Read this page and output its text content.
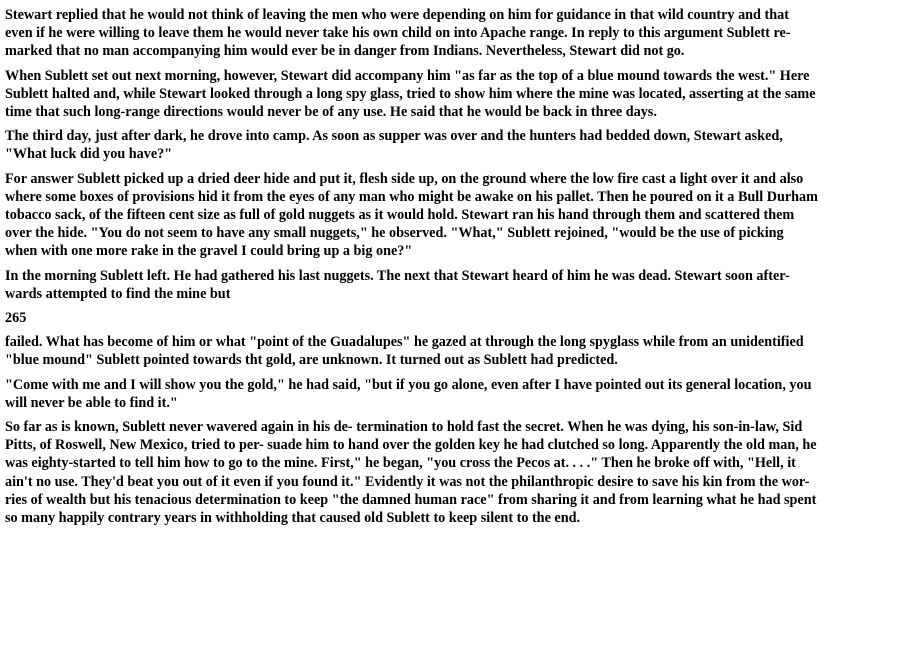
Stewart replied that he would not think of leaving the men who were depending on him for guidance in that wild country and that
even if he were willing to leave them he would never take his own child on into Apache range. In reply to this argument Sublett re-
marked that no man accompanying him would ever be in danger from Indians. Nevertheless, Stewart did not go.
When Sublett set out next morning, however, Stewart did accompany him "as far as the top of a blue mound towards the west." Here
Sublett halted and, while Stewart looked through a long spy glass, tried to show him where the mine was located, asserting at the same
time that such long-range directions would never be of any use. He said that he would be back in three days.
The third day, just after dark, he drove into camp. As soon as supper was over and the hunters had bedded down, Stewart asked,
"What luck did you have?"
For answer Sublett picked up a dried deer hide and put it, flesh side up, on the ground where the low fire cast a light over it and also
where some boxes of provisions hid it from the eyes of any man who might be awake on his pallet. Then he poured on it a Bull Durham
tobacco sack, of the fifteen cent size as full of gold nuggets as it would hold. Stewart ran his hand through them and scattered them
over the hide. "You do not seem to have any small nuggets," he observed. "What," Sublett rejoined, "would be the use of picking
when with one more rake in the gravel I could bring up a big one?"
In the morning Sublett left. He had gathered his last nuggets. The next that Stewart heard of him he was dead. Stewart soon after-
wards attempted to find the mine but
265
failed. What has become of him or what "point of the Guadalupes" he gazed at through the long spyglass while from an unidentified
"blue mound" Sublett pointed towards tht gold, are unknown. It turned out as Sublett had predicted.
"Come with me and I will show you the gold," he had said, "but if you go alone, even after I have pointed out its general location, you
will never be able to find it."
So far as is known, Sublett never wavered again in his de- termination to hold fast the secret. When he was dying, his son-in-law, Sid
Pitts, of Roswell, New Mexico, tried to per- suade him to hand over the golden key he had clutched so long. Apparently the old man, he
was eighty-started to tell him how to go to the mine. First," he began, "you cross the Pecos at. . . ." Then he broke off with, "Hell, it
ain't no use. They'd beat you out of it even if you found it." Evidently it was not the philanthropic desire to save his kin from the wor-
ries of wealth but his tenacious determination to keep "the damned human race" from sharing it and from learning what he had spent
so many happily contrary years in withholding that caused old Sublett to keep silent to the end.
